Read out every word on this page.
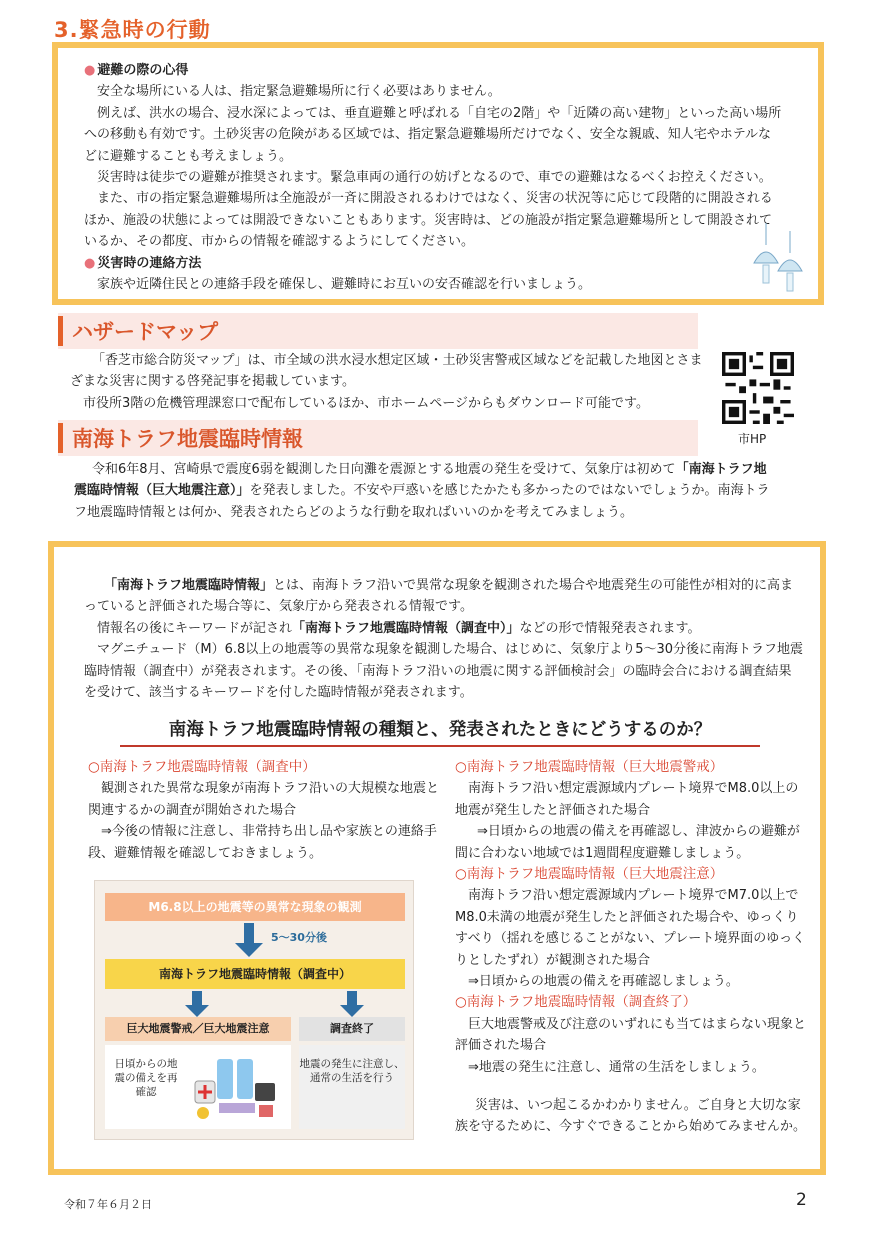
3.緊急時の行動
● 避難の際の心得
安全な場所にいる人は、指定緊急避難場所に行く必要はありません。
例えば、洪水の場合、浸水深によっては、垂直避難と呼ばれる「自宅の2階」や「近隣の高い建物」といった高い場所への移動も有効です。土砂災害の危険がある区域では、指定緊急避難場所だけでなく、安全な親戚、知人宅やホテルなどに避難することも考えましょう。
災害時は徒歩での避難が推奨されます。緊急車両の通行の妨げとなるので、車での避難はなるべくお控えください。
また、市の指定緊急避難場所は全施設が一斉に開設されるわけではなく、災害の状況等に応じて段階的に開設されるほか、施設の状態によっては開設できないこともあります。災害時は、どの施設が指定緊急避難場所として開設されているか、その都度、市からの情報を確認するようにしてください。
● 災害時の連絡方法
家族や近隣住民との連絡手段を確保し、避難時にお互いの安否確認を行いましょう。
ハザードマップ
「香芝市総合防災マップ」は、市全域の洪水浸水想定区域・土砂災害警戒区域などを記載した地図とさまざまな災害に関する啓発記事を掲載しています。
市役所3階の危機管理課窓口で配布しているほか、市ホームページからもダウンロード可能です。
市HP
南海トラフ地震臨時情報
令和6年8月、宮崎県で震度6弱を観測した日向灘を震源とする地震の発生を受けて、気象庁は初めて「南海トラフ地震臨時情報（巨大地震注意）」を発表しました。不安や戸惑いを感じたかたも多かったのではないでしょうか。南海トラフ地震臨時情報とは何か、発表されたらどのような行動を取ればいいのかを考えてみましょう。
「南海トラフ地震臨時情報」とは、南海トラフ沿いで異常な現象を観測された場合や地震発生の可能性が相対的に高まっていると評価された場合等に、気象庁から発表される情報です。
情報名の後にキーワードが記され「南海トラフ地震臨時情報（調査中）」などの形で情報発表されます。
マグニチュード（M）6.8以上の地震等の異常な現象を観測した場合、はじめに、気象庁より5～30分後に南海トラフ地震臨時情報（調査中）が発表されます。その後、「南海トラフ沿いの地震に関する評価検討会」の臨時会合における調査結果を受けて、該当するキーワードを付した臨時情報が発表されます。
南海トラフ地震臨時情報の種類と、発表されたときにどうするのか？
○南海トラフ地震臨時情報（調査中）
観測された異常な現象が南海トラフ沿いの大規模な地震と関連するかの調査が開始された場合
⇒今後の情報に注意し、非常持ち出し品や家族との連絡手段、避難情報を確認しておきましょう。
M6.8以上の地震等の異常な現象の観測
5～30分後
南海トラフ地震臨時情報（調査中）
巨大地震警戒／巨大地震注意	調査終了
日頃からの地震の備えを再確認
地震の発生に注意し、通常の生活を行う
○南海トラフ地震臨時情報（巨大地震警戒）
南海トラフ沿い想定震源域内プレート境界でM8.0以上の地震が発生したと評価された場合
⇒日頃からの地震の備えを再確認し、津波からの避難が間に合わない地域では1週間程度避難しましょう。
○南海トラフ地震臨時情報（巨大地震注意）
南海トラフ沿い想定震源域内プレート境界でM7.0以上でM8.0未満の地震が発生したと評価された場合や、ゆっくりすべり（揺れを感じることがない、プレート境界面のゆっくりとしたずれ）が観測された場合
⇒日頃からの地震の備えを再確認しましょう。
○南海トラフ地震臨時情報（調査終了）
巨大地震警戒及び注意のいずれにも当てはまらない現象と評価された場合
⇒地震の発生に注意し、通常の生活をしましょう。
災害は、いつ起こるかわかりません。ご自身と大切な家族を守るために、今すぐできることから始めてみませんか。
令和７年６月２日	2
